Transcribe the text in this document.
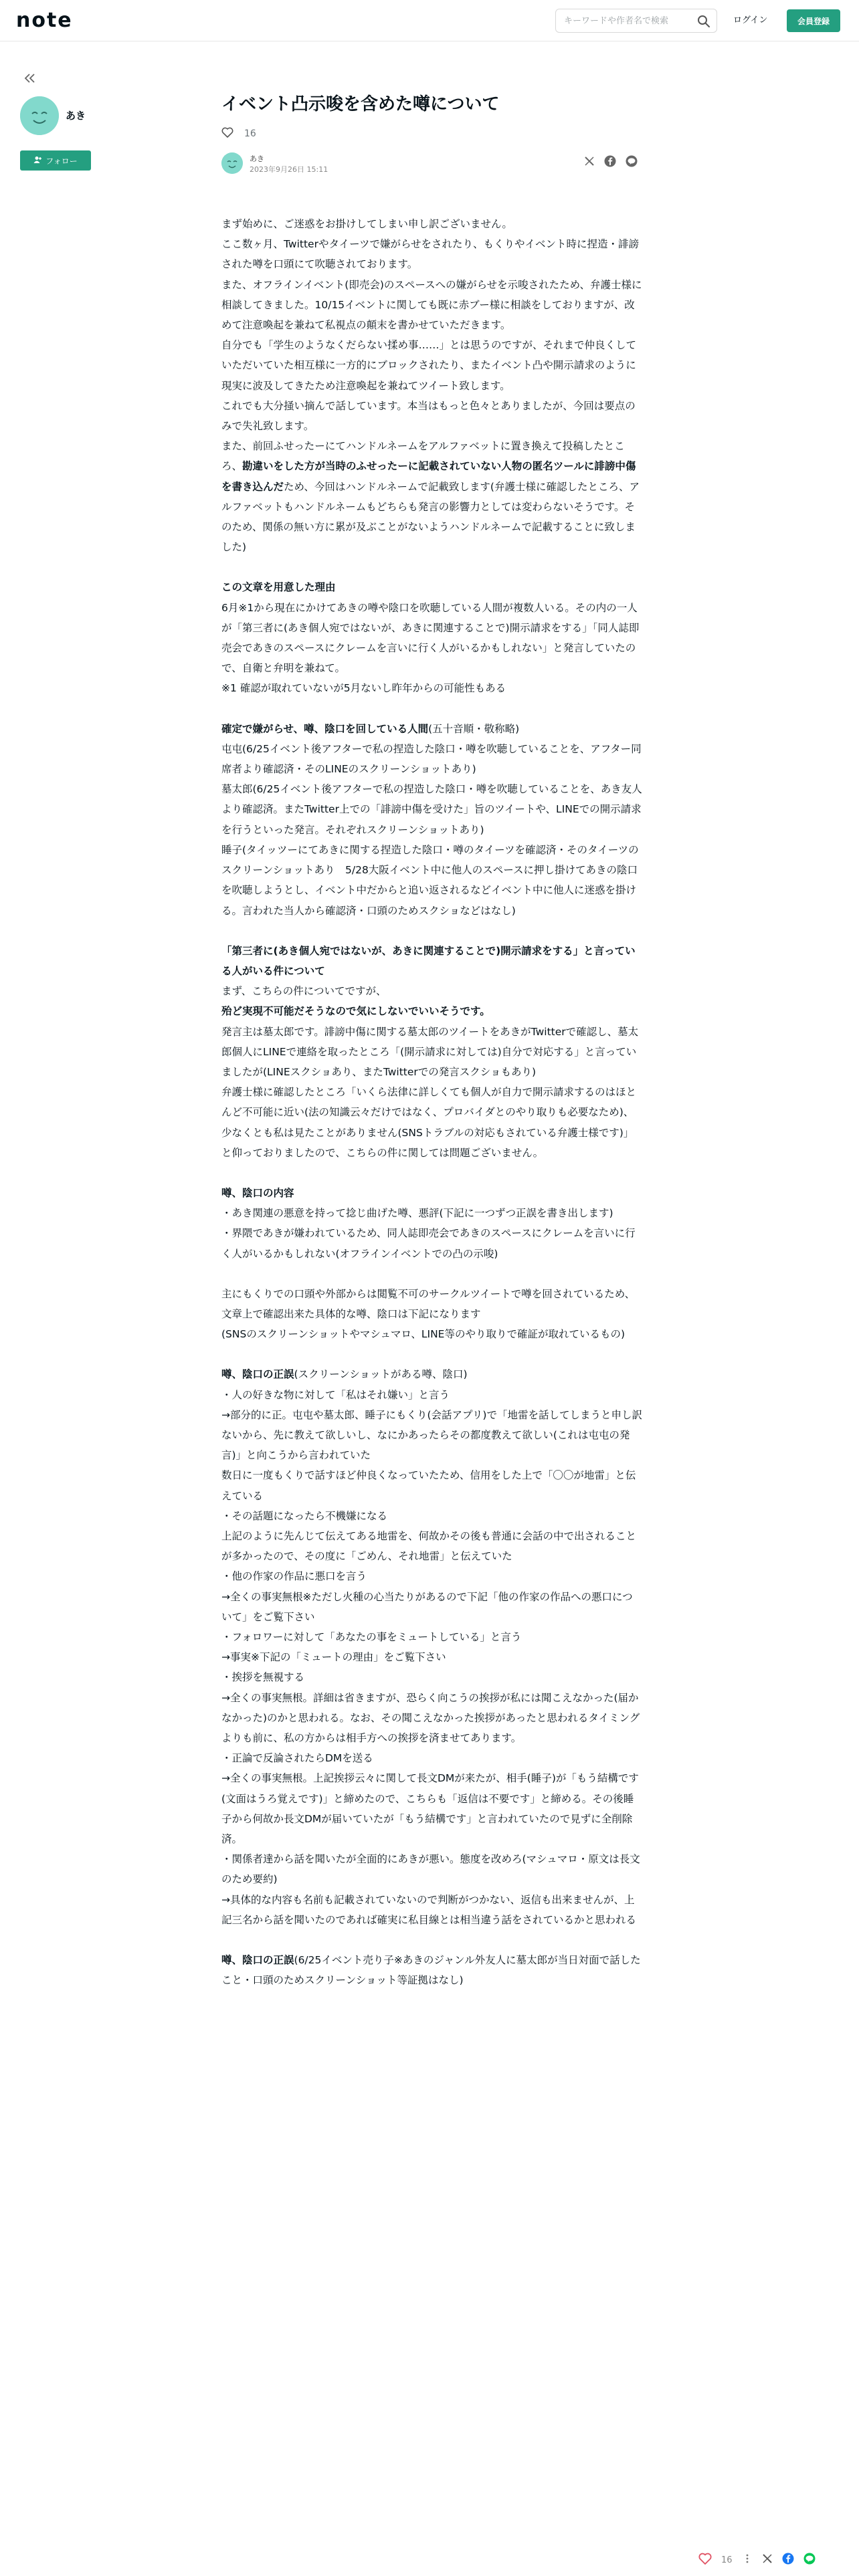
note
キーワードや作者名で検索	ログイン	会員登録
あき
フォロー
イベント凸示唆を含めた噂について
16
あき
2023年9月26日 15:11

まず始めに、ご迷惑をお掛けしてしまい申し訳ございません。

ここ数ヶ月、Twitterやタイーツで嫌がらせをされたり、もくりやイベント時に捏造・誹謗された噂を口頭にて吹聴されております。

また、オフラインイベント(即売会)のスペースへの嫌がらせを示唆されたため、弁護士様に相談してきました。10/15イベントに関しても既に赤ブー様に相談をしておりますが、改めて注意喚起を兼ねて私視点の顛末を書かせていただきます。

自分でも「学生のようなくだらない揉め事……」とは思うのですが、それまで仲良くしていただいていた相互様に一方的にブロックされたり、またイベント凸や開示請求のように現実に波及してきたため注意喚起を兼ねてツイート致します。

これでも大分掻い摘んで話しています。本当はもっと色々とありましたが、今回は要点のみで失礼致します。

また、前回ふせったーにてハンドルネームをアルファベットに置き換えて投稿したところ、勘違いをした方が当時のふせったーに記載されていない人物の匿名ツールに誹謗中傷を書き込んだため、今回はハンドルネームで記載致します(弁護士様に確認したところ、アルファベットもハンドルネームもどちらも発言の影響力としては変わらないそうです。そのため、関係の無い方に累が及ぶことがないようハンドルネームで記載することに致しました)

この文章を用意した理由

6月※1から現在にかけてあきの噂や陰口を吹聴している人間が複数人いる。その内の一人が「第三者に(あき個人宛ではないが、あきに関連することで)開示請求をする」「同人誌即売会であきのスペースにクレームを言いに行く人がいるかもしれない」と発言していたので、自衛と弁明を兼ねて。

※1 確認が取れていないが5月ないし昨年からの可能性もある

確定で嫌がらせ、噂、陰口を回している人間(五十音順・敬称略)

屯屯(6/25イベント後アフターで私の捏造した陰口・噂を吹聴していることを、アフター同席者より確認済・そのLINEのスクリーンショットあり)

墓太郎(6/25イベント後アフターで私の捏造した陰口・噂を吹聴していることを、あき友人より確認済。またTwitter上での「誹謗中傷を受けた」旨のツイートや、LINEでの開示請求を行うといった発言。それぞれスクリーンショットあり)

睡子(タイッツーにてあきに関する捏造した陰口・噂のタイーツを確認済・そのタイーツのスクリーンショットあり　5/28大阪イベント中に他人のスペースに押し掛けてあきの陰口を吹聴しようとし、イベント中だからと追い返されるなどイベント中に他人に迷惑を掛ける。言われた当人から確認済・口頭のためスクショなどはなし)

「第三者に(あき個人宛ではないが、あきに関連することで)開示請求をする」と言っている人がいる件について

まず、こちらの件についてですが、

殆ど実現不可能だそうなので気にしないでいいそうです。

発言主は墓太郎です。誹謗中傷に関する墓太郎のツイートをあきがTwitterで確認し、墓太郎個人にLINEで連絡を取ったところ「(開示請求に対しては)自分で対応する」と言っていましたが(LINEスクショあり、またTwitterでの発言スクショもあり)

弁護士様に確認したところ「いくら法律に詳しくても個人が自力で開示請求するのはほとんど不可能に近い(法の知識云々だけではなく、プロバイダとのやり取りも必要なため)、少なくとも私は見たことがありません(SNSトラブルの対応もされている弁護士様です)」と仰っておりましたので、こちらの件に関しては問題ございません。

噂、陰口の内容

・あき関連の悪意を持って捻じ曲げた噂、悪評(下記に一つずつ正誤を書き出します)

・界隈であきが嫌われているため、同人誌即売会であきのスペースにクレームを言いに行く人がいるかもしれない(オフラインイベントでの凸の示唆)

主にもくりでの口頭や外部からは閲覧不可のサークルツイートで噂を回されているため、文章上で確認出来た具体的な噂、陰口は下記になります

(SNSのスクリーンショットやマシュマロ、LINE等のやり取りで確証が取れているもの)

噂、陰口の正誤(スクリーンショットがある噂、陰口)

・人の好きな物に対して「私はそれ嫌い」と言う

→部分的に正。屯屯や墓太郎、睡子にもくり(会話アプリ)で「地雷を話してしまうと申し訳ないから、先に教えて欲しいし、なにかあったらその都度教えて欲しい(これは屯屯の発言)」と向こうから言われていた

数日に一度もくりで話すほど仲良くなっていたため、信用をした上で「〇〇が地雷」と伝えている

・その話題になったら不機嫌になる

上記のように先んじて伝えてある地雷を、何故かその後も普通に会話の中で出されることが多かったので、その度に「ごめん、それ地雷」と伝えていた

・他の作家の作品に悪口を言う

→全くの事実無根※ただし火種の心当たりがあるので下記「他の作家の作品への悪口について」をご覧下さい

・フォロワーに対して「あなたの事をミュートしている」と言う

→事実※下記の「ミュートの理由」をご覧下さい

・挨拶を無視する

→全くの事実無根。詳細は省きますが、恐らく向こうの挨拶が私には聞こえなかった(届かなかった)のかと思われる。なお、その聞こえなかった挨拶があったと思われるタイミングよりも前に、私の方からは相手方への挨拶を済ませてあります。

・正論で反論されたらDMを送る

→全くの事実無根。上記挨拶云々に関して長文DMが来たが、相手(睡子)が「もう結構です(文面はうろ覚えです)」と締めたので、こちらも「返信は不要です」と締める。その後睡子から何故か長文DMが届いていたが「もう結構です」と言われていたので見ずに全削除済。

・関係者達から話を聞いたが全面的にあきが悪い。態度を改めろ(マシュマロ・原文は長文のため要約)

→具体的な内容も名前も記載されていないので判断がつかない、返信も出来ませんが、上記三名から話を聞いたのであれば確実に私目線とは相当違う話をされているかと思われる

噂、陰口の正誤(6/25イベント売り子※あきのジャンル外友人に墓太郎が当日対面で話したこと・口頭のためスクリーンショット等証拠はなし)

16
